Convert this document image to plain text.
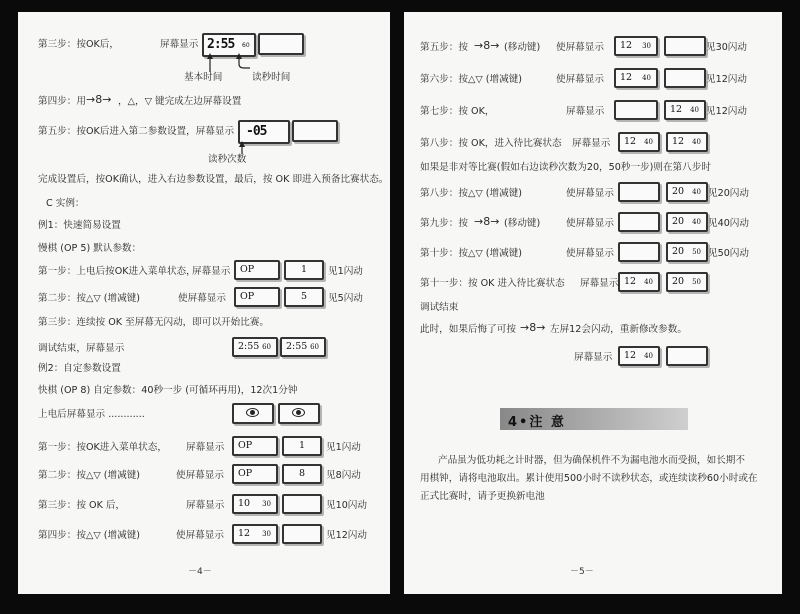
第三步：按OK后，	屏幕显示 2:55 60
基本时间	读秒时间
第四步：用 →8→ ，△，▽ 键完成左边屏幕设置
第五步：按OK后进入第二参数设置，屏幕显示 -05
读秒次数
完成设置后，按OK确认，进入右边参数设置，最后，按 OK 即进入预备比赛状态。
C 实例：
例1：快速简易设置
慢棋 (OP 5) 默认参数：
第一步：上电后按OK进入菜单状态，
屏幕显示 OP	1	见1闪动
第二步：按△▽ (增减键)	使屏幕显示 OP	5	见5闪动
第三步：连续按 OK 至屏幕无闪动，即可以开始比赛。
调试结束，屏幕显示	2:55 60 2:55 60
例2：自定参数设置
快棋 (OP 8) 自定参数：40秒一步 (可循环再用)，12次1分钟
上电后屏幕显示 ............
第一步：按OK进入菜单状态， 屏幕显示 OP	1	见1闪动
第二步：按△▽ (增减键)	使屏幕显示 OP	8	见8闪动
第三步：按 OK 后，	屏幕显示 10 30	见10闪动
第四步：按△▽ (增减键)	使屏幕显示 12 30	见12闪动
－4－
第五步：按 →8→ (移动键) 使屏幕显示 12 30	见30闪动
第六步：按△▽ (增减键)	使屏幕显示 12 40	见12闪动
第七步：按 OK，	屏幕显示	12 40 见12闪动
第八步：按 OK，进入待比赛状态 屏幕显示 12 40 12 40
如果是非对等比赛(假如右边读秒次数为20，50秒一步)则在第八步时
第八步：按△▽ (增减键)	使屏幕显示	20 40 见20闪动
第九步：按 →8→ (移动键)	使屏幕显示	20 40 见40闪动
第十步：按△▽ (增减键)	使屏幕显示	20 50 见50闪动
第十一步：按 OK 进入待比赛状态 屏幕显示 12 40 20 50
调试结束
此时，如果后悔了可按 →8→ 左屏12会闪动，重新修改参数。
屏幕显示 12 40
4•注 意
产品虽为低功耗之计时器，但为确保机件不为漏电池水而受损，如长期不
用棋钟，请将电池取出。累计使用500小时不读秒状态，或连续读秒60小时或在
正式比赛时，请予更换新电池
－5－
